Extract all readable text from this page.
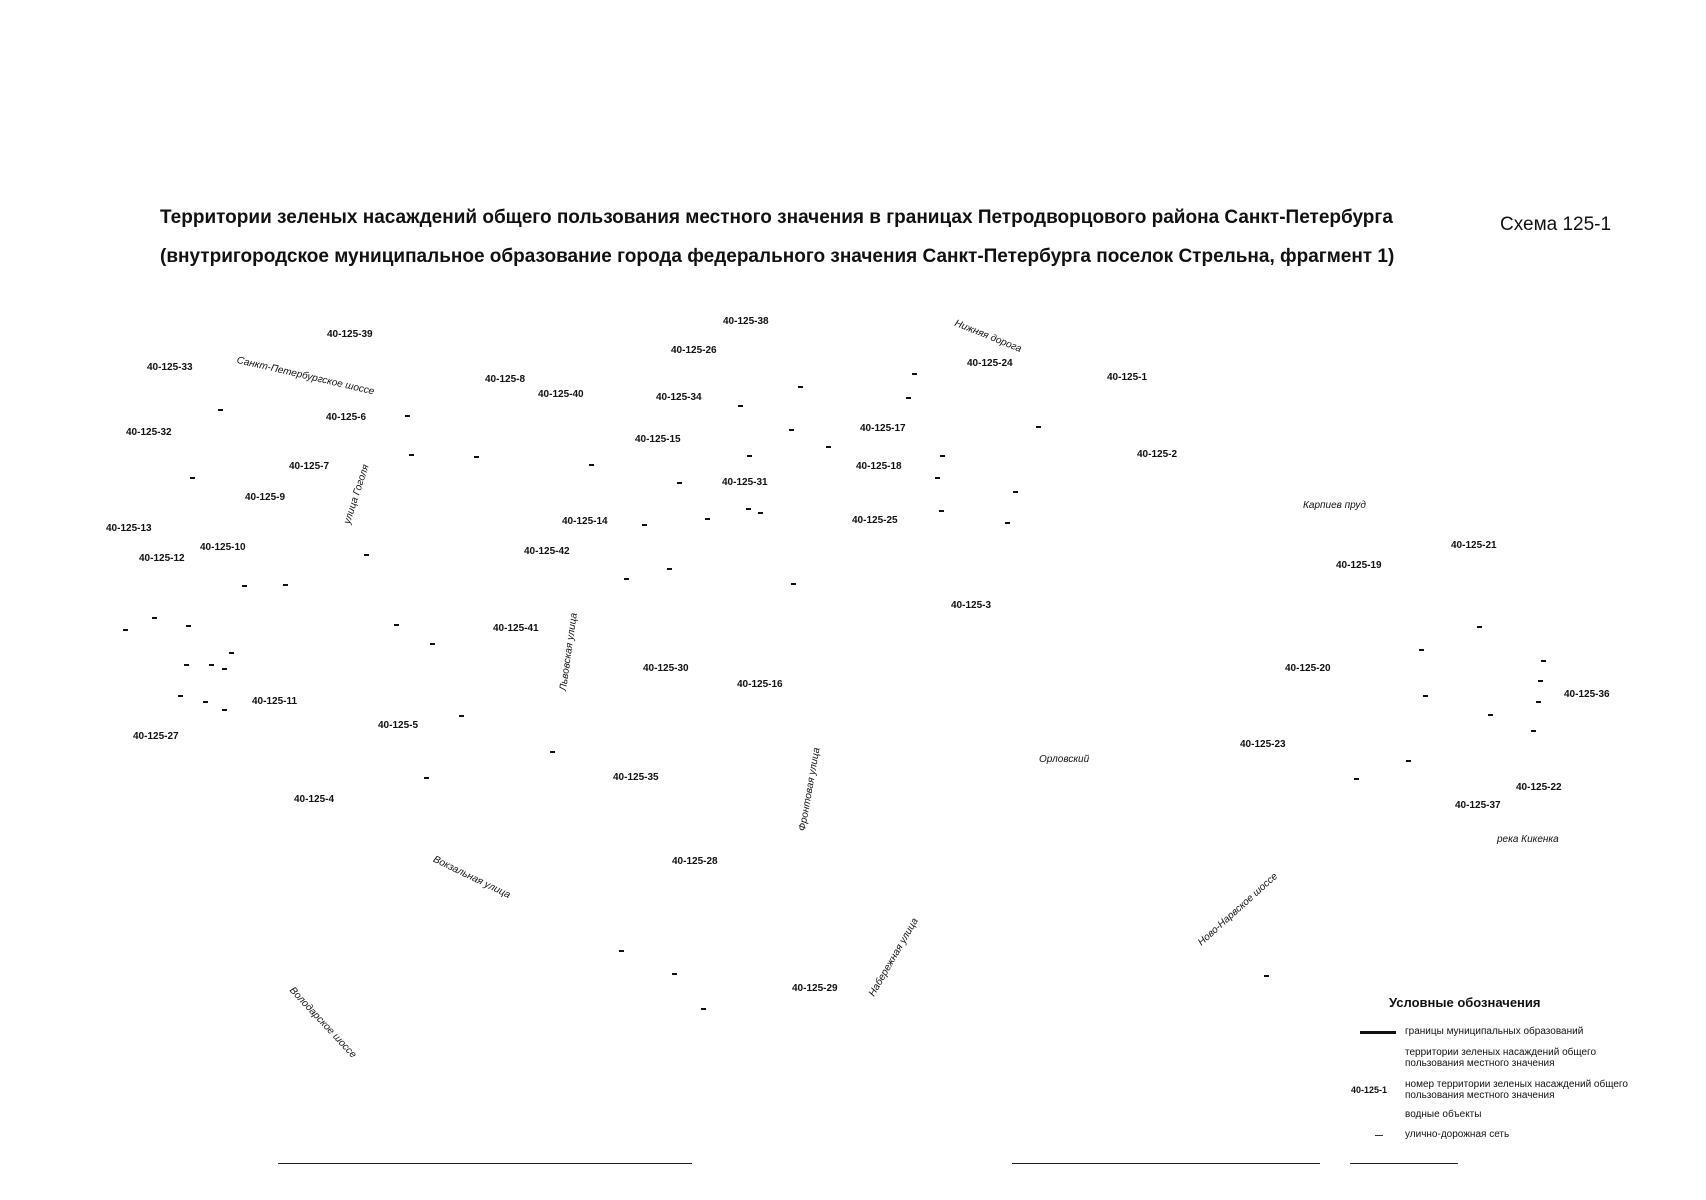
Территории зеленых насаждений общего пользования местного значения в границах Петродворцового района Санкт-Петербурга
(внутригородское муниципальное образование города федерального значения Санкт-Петербурга поселок Стрельна, фрагмент 1)
Схема 125-1
40-125-39
40-125-33
40-125-32
40-125-6
40-125-7
40-125-9
40-125-13
40-125-10
40-125-12
40-125-11
40-125-27
40-125-5
40-125-4
40-125-8
40-125-40
40-125-41
40-125-42
40-125-14
40-125-38
40-125-26
40-125-34
40-125-15
40-125-31
40-125-30
40-125-16
40-125-35
40-125-28
40-125-29
40-125-24
40-125-17
40-125-18
40-125-25
40-125-3
40-125-1
40-125-2
40-125-19
40-125-21
40-125-20
40-125-23
40-125-36
40-125-22
40-125-37
Санкт-Петербургское шоссе
улица Гоголя
Львовская улица
Вокзальная улица
Володарское шоссе
Фронтовая улица
Набережная улица
Нижняя дорога
Орловский
Ново-Нарвское шоссе
Карпиев пруд
река Кикенка
Условные обозначения
границы муниципальных образований
территории зеленых насаждений общего пользования местного значения
40-125-1 номер территории зеленых насаждений общего пользования местного значения
водные объекты
улично-дорожная сеть
